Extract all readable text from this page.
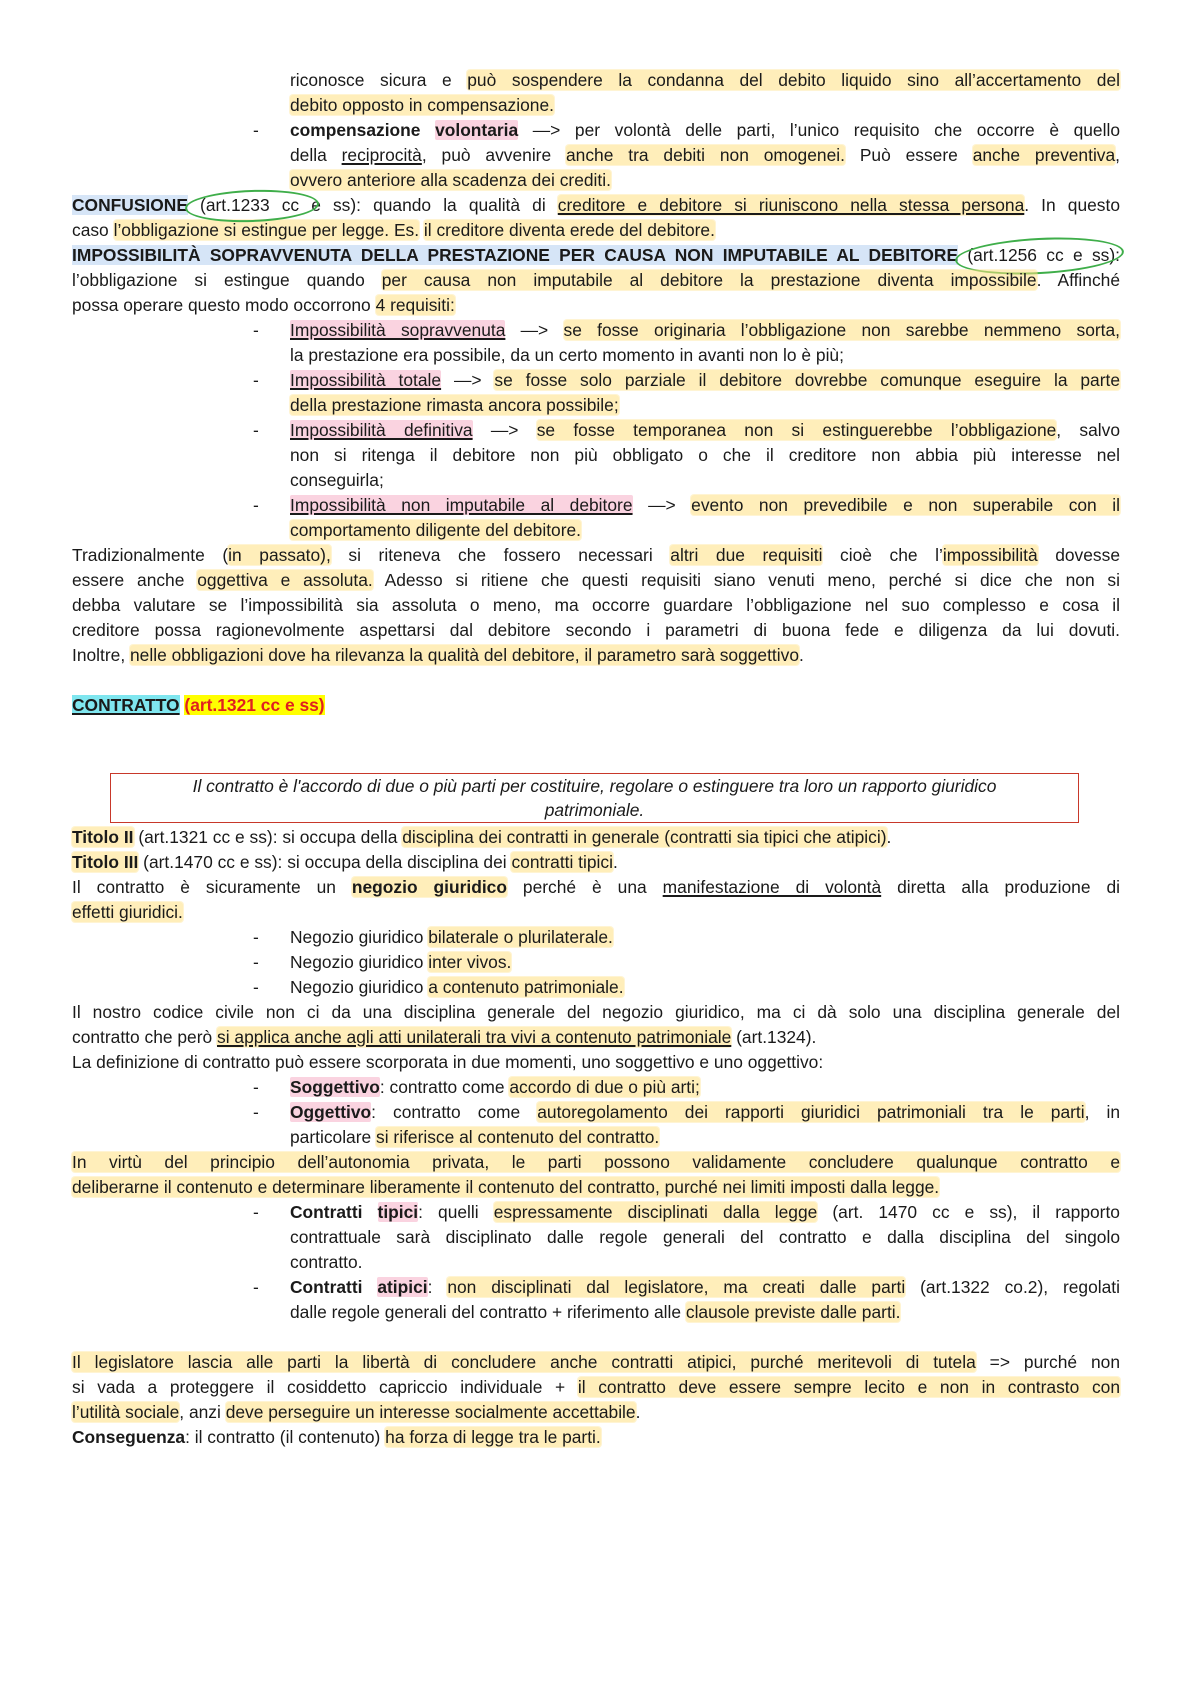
riconosce sicura e può sospendere la condanna del debito liquido sino all’accertamento del
debito opposto in compensazione.
- compensazione volontaria —> per volontà delle parti, l’unico requisito che occorre è quello
della reciprocità, può avvenire anche tra debiti non omogenei. Può essere anche preventiva,
ovvero anteriore alla scadenza dei crediti.
CONFUSIONE (art.1233 cc e ss): quando la qualità di creditore e debitore si riuniscono nella stessa persona. In questo
caso l’obbligazione si estingue per legge. Es. il creditore diventa erede del debitore.
IMPOSSIBILITÀ SOPRAVVENUTA DELLA PRESTAZIONE PER CAUSA NON IMPUTABILE AL DEBITORE (art.1256 cc e ss):
l’obbligazione si estingue quando per causa non imputabile al debitore la prestazione diventa impossibile. Affinché
possa operare questo modo occorrono 4 requisiti:
- Impossibilità sopravvenuta —> se fosse originaria l’obbligazione non sarebbe nemmeno sorta,
la prestazione era possibile, da un certo momento in avanti non lo è più;
- Impossibilità totale —> se fosse solo parziale il debitore dovrebbe comunque eseguire la parte
della prestazione rimasta ancora possibile;
- Impossibilità definitiva —> se fosse temporanea non si estinguerebbe l’obbligazione, salvo
non si ritenga il debitore non più obbligato o che il creditore non abbia più interesse nel
conseguirla;
- Impossibilità non imputabile al debitore —> evento non prevedibile e non superabile con il
comportamento diligente del debitore.
Tradizionalmente (in passato), si riteneva che fossero necessari altri due requisiti cioè che l’impossibilità dovesse
essere anche oggettiva e assoluta. Adesso si ritiene che questi requisiti siano venuti meno, perché si dice che non si
debba valutare se l’impossibilità sia assoluta o meno, ma occorre guardare l’obbligazione nel suo complesso e cosa il
creditore possa ragionevolmente aspettarsi dal debitore secondo i parametri di buona fede e diligenza da lui dovuti.
Inoltre, nelle obbligazioni dove ha rilevanza la qualità del debitore, il parametro sarà soggettivo.
CONTRATTO (art.1321 cc e ss)
Il contratto è l'accordo di due o più parti per costituire, regolare o estinguere tra loro un rapporto giuridico
patrimoniale.
Titolo II (art.1321 cc e ss): si occupa della disciplina dei contratti in generale (contratti sia tipici che atipici).
Titolo III (art.1470 cc e ss): si occupa della disciplina dei contratti tipici.
Il contratto è sicuramente un negozio giuridico perché è una manifestazione di volontà diretta alla produzione di
effetti giuridici.
- Negozio giuridico bilaterale o plurilaterale.
- Negozio giuridico inter vivos.
- Negozio giuridico a contenuto patrimoniale.
Il nostro codice civile non ci da una disciplina generale del negozio giuridico, ma ci dà solo una disciplina generale del
contratto che però si applica anche agli atti unilaterali tra vivi a contenuto patrimoniale (art.1324).
La definizione di contratto può essere scorporata in due momenti, uno soggettivo e uno oggettivo:
- Soggettivo: contratto come accordo di due o più arti;
- Oggettivo: contratto come autoregolamento dei rapporti giuridici patrimoniali tra le parti, in
particolare si riferisce al contenuto del contratto.
In virtù del principio dell’autonomia privata, le parti possono validamente concludere qualunque contratto e
deliberarne il contenuto e determinare liberamente il contenuto del contratto, purché nei limiti imposti dalla legge.
- Contratti tipici: quelli espressamente disciplinati dalla legge (art. 1470 cc e ss), il rapporto
contrattuale sarà disciplinato dalle regole generali del contratto e dalla disciplina del singolo
contratto.
- Contratti atipici: non disciplinati dal legislatore, ma creati dalle parti (art.1322 co.2), regolati
dalle regole generali del contratto + riferimento alle clausole previste dalle parti.
Il legislatore lascia alle parti la libertà di concludere anche contratti atipici, purché meritevoli di tutela => purché non
si vada a proteggere il cosiddetto capriccio individuale + il contratto deve essere sempre lecito e non in contrasto con
l’utilità sociale, anzi deve perseguire un interesse socialmente accettabile.
Conseguenza: il contratto (il contenuto) ha forza di legge tra le parti.
